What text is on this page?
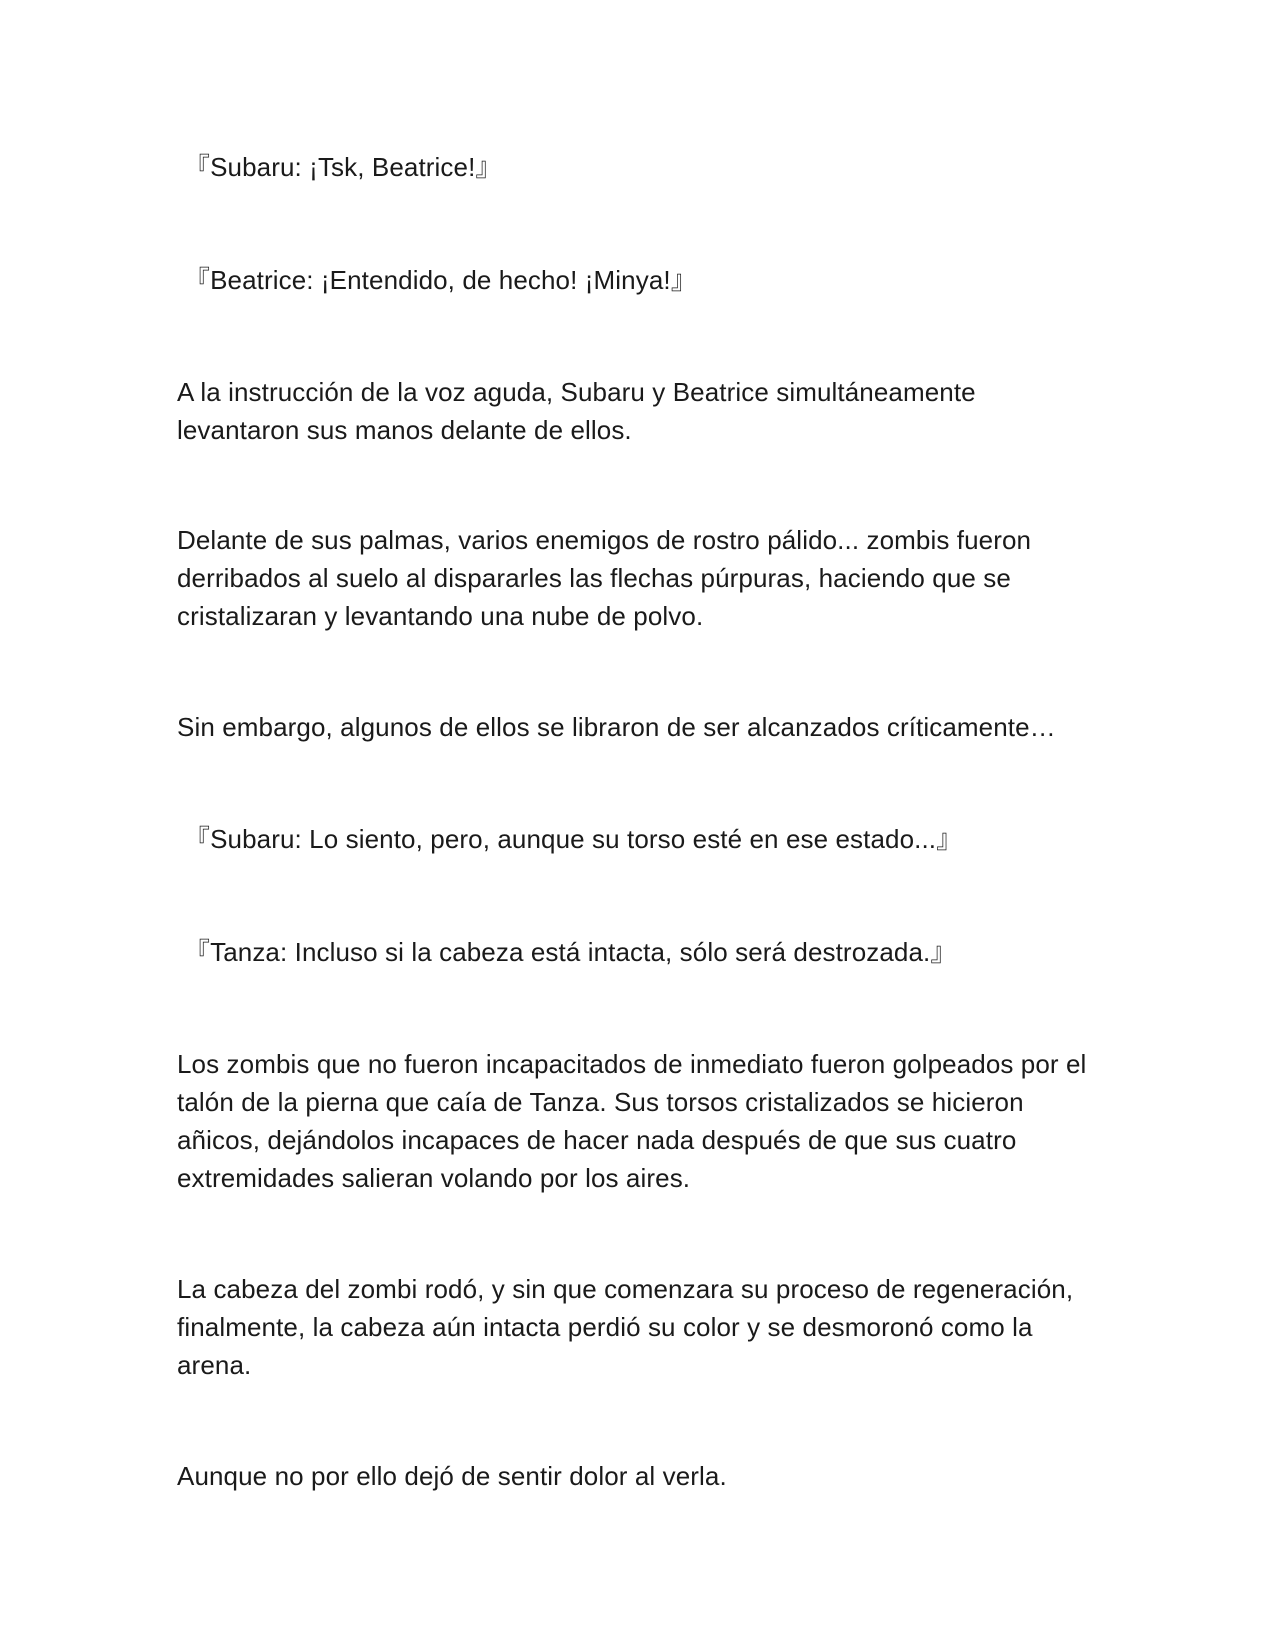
『Subaru: ¡Tsk, Beatrice!』

『Beatrice: ¡Entendido, de hecho! ¡Minya!』

A la instrucción de la voz aguda, Subaru y Beatrice simultáneamente levantaron sus manos delante de ellos.

Delante de sus palmas, varios enemigos de rostro pálido... zombis fueron derribados al suelo al dispararles las flechas púrpuras, haciendo que se cristalizaran y levantando una nube de polvo.

Sin embargo, algunos de ellos se libraron de ser alcanzados críticamente…

『Subaru: Lo siento, pero, aunque su torso esté en ese estado...』

『Tanza: Incluso si la cabeza está intacta, sólo será destrozada.』

Los zombis que no fueron incapacitados de inmediato fueron golpeados por el talón de la pierna que caía de Tanza. Sus torsos cristalizados se hicieron añicos, dejándolos incapaces de hacer nada después de que sus cuatro extremidades salieran volando por los aires.

La cabeza del zombi rodó, y sin que comenzara su proceso de regeneración, finalmente, la cabeza aún intacta perdió su color y se desmoronó como la arena.

Aunque no por ello dejó de sentir dolor al verla.
